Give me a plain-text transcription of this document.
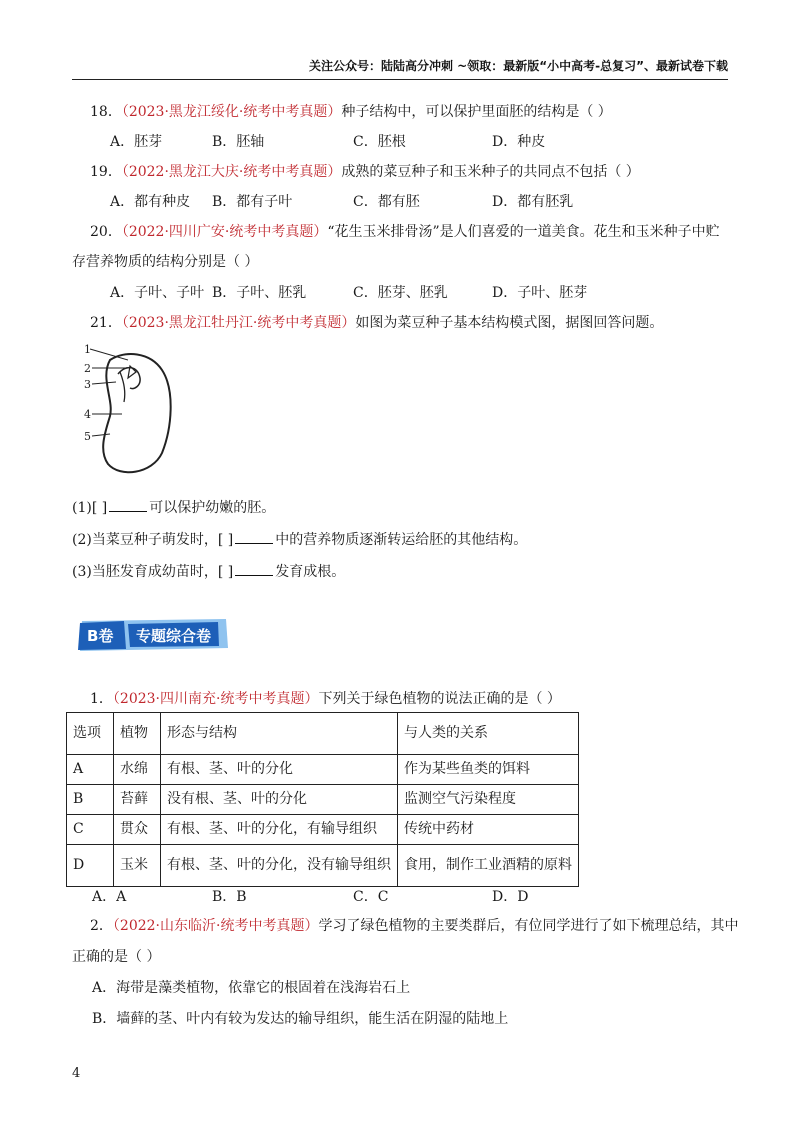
关注公众号：陆陆高分冲刺 ~领取：最新版“小中高考-总复习”、最新试卷下载
18．（2023·黑龙江绥化·统考中考真题）种子结构中，可以保护里面胚的结构是（ ）
A．胚芽	B．胚轴	C．胚根	D．种皮
19．（2022·黑龙江大庆·统考中考真题）成熟的菜豆种子和玉米种子的共同点不包括（ ）
A．都有种皮 B．都有子叶	C．都有胚	D．都有胚乳
20．（2022·四川广安·统考中考真题）“花生玉米排骨汤”是人们喜爱的一道美食。花生和玉米种子中贮
存营养物质的结构分别是（ ）
A．子叶、子叶 B．子叶、胚乳	C．胚芽、胚乳	D．子叶、胚芽
21．（2023·黑龙江牡丹江·统考中考真题）如图为菜豆种子基本结构模式图，据图回答问题。
1
2
3
4
5
(1)[ ]	可以保护幼嫩的胚。
(2)当菜豆种子萌发时，[ ]	中的营养物质逐渐转运给胚的其他结构。
(3)当胚发育成幼苗时，[ ]	发育成根。
B卷 专题综合卷
1．（2023·四川南充·统考中考真题）下列关于绿色植物的说法正确的是（ ）
选项	植物	形态与结构	与人类的关系
A	水绵	有根、茎、叶的分化	作为某些鱼类的饵料
B	苔藓	没有根、茎、叶的分化	监测空气污染程度
C	贯众	有根、茎、叶的分化，有输导组织	传统中药材
D	玉米	有根、茎、叶的分化，没有输导组织	食用，制作工业酒精的原料
A．A	B．B	C．C	D．D
2．（2022·山东临沂·统考中考真题）学习了绿色植物的主要类群后，有位同学进行了如下梳理总结，其中
正确的是（ ）
A．海带是藻类植物，依靠它的根固着在浅海岩石上
B．墙藓的茎、叶内有较为发达的输导组织，能生活在阴湿的陆地上
4
